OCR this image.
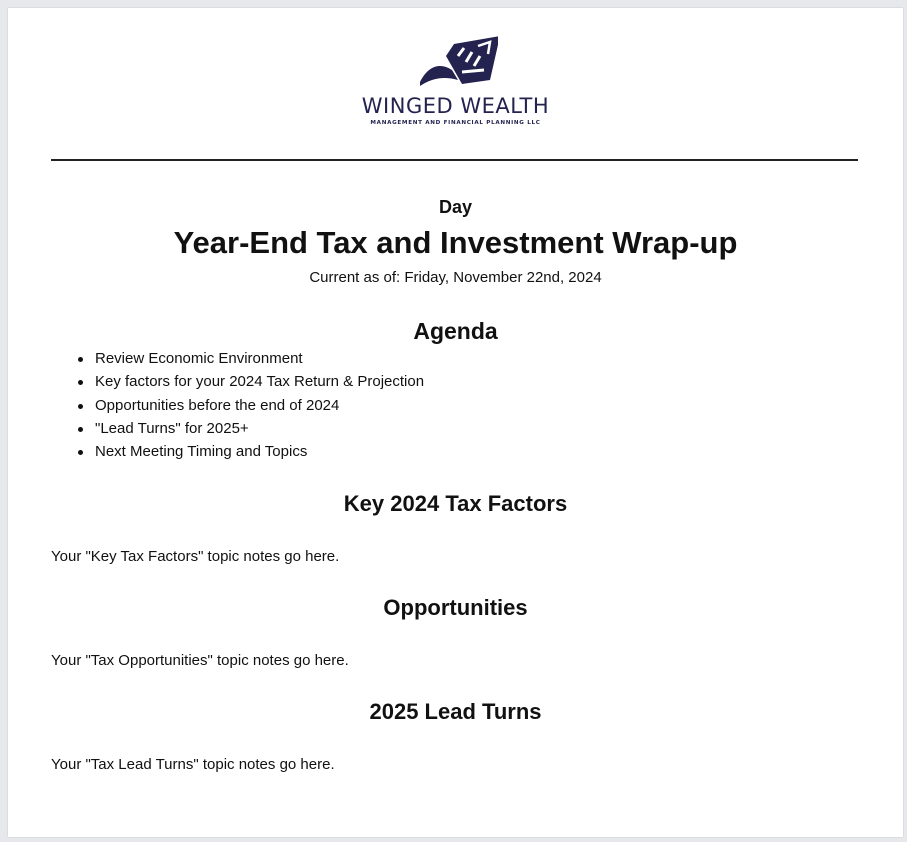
WINGED WEALTH
MANAGEMENT AND FINANCIAL PLANNING LLC
Day
Year-End Tax and Investment Wrap-up
Current as of: Friday, November 22nd, 2024
Agenda
Review Economic Environment
Key factors for your 2024 Tax Return & Projection
Opportunities before the end of 2024
"Lead Turns" for 2025+
Next Meeting Timing and Topics
Key 2024 Tax Factors
Your "Key Tax Factors" topic notes go here.
Opportunities
Your "Tax Opportunities" topic notes go here.
2025 Lead Turns
Your "Tax Lead Turns" topic notes go here.
